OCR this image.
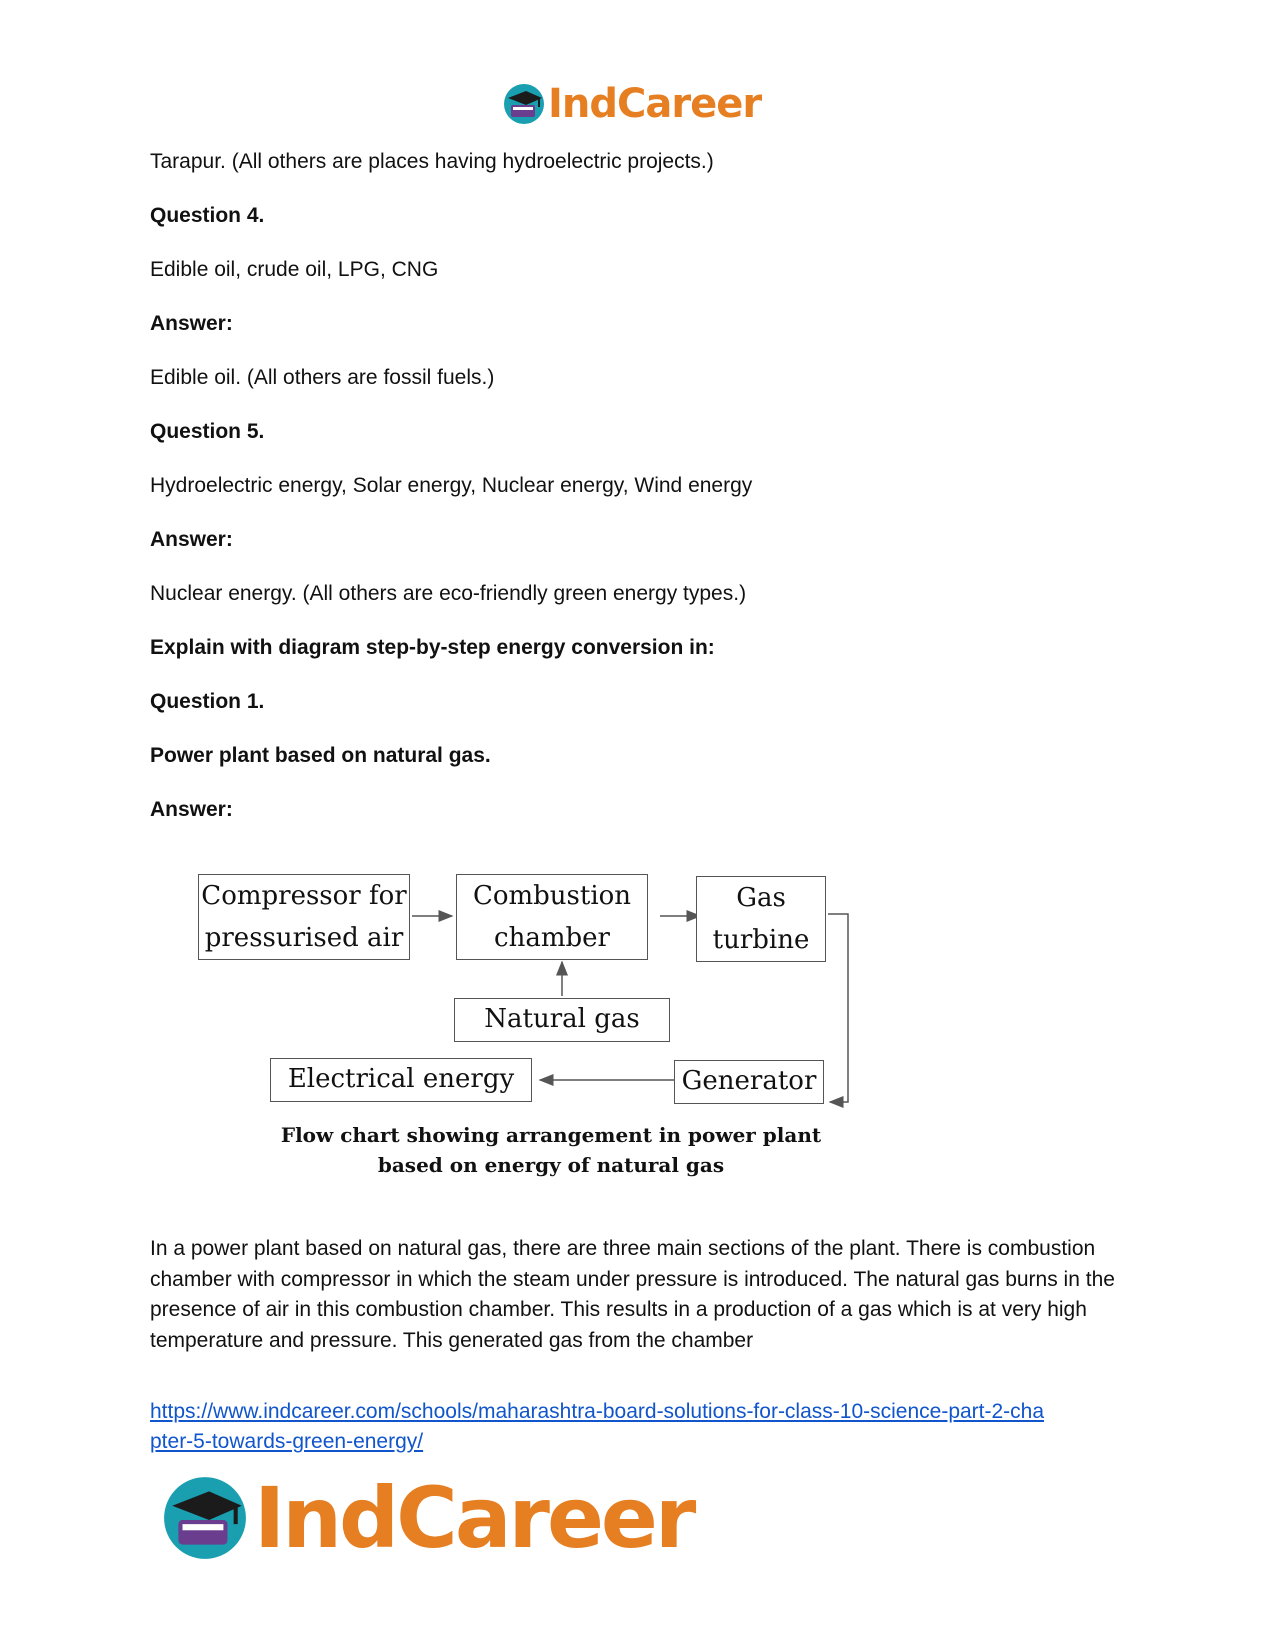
IndCareer
Tarapur. (All others are places having hydroelectric projects.)
Question 4.
Edible oil, crude oil, LPG, CNG
Answer:
Edible oil. (All others are fossil fuels.)
Question 5.
Hydroelectric energy, Solar energy, Nuclear energy, Wind energy
Answer:
Nuclear energy. (All others are eco-friendly green energy types.)
Explain with diagram step-by-step energy conversion in:
Question 1.
Power plant based on natural gas.
Answer:
Compressor for
pressurised air
Combustion
chamber
Gas
turbine
Natural gas
Electrical energy	Generator
Flow chart showing arrangement in power plant
based on energy of natural gas

In a power plant based on natural gas, there are three main sections of the plant. There is combustion chamber with compressor in which the steam under pressure is introduced. The natural gas burns in the presence of air in this combustion chamber. This results in a production of a gas which is at very high temperature and pressure. This generated gas from the chamber

https://www.indcareer.com/schools/maharashtra-board-solutions-for-class-10-science-part-2-cha
pter-5-towards-green-energy/
IndCareer
